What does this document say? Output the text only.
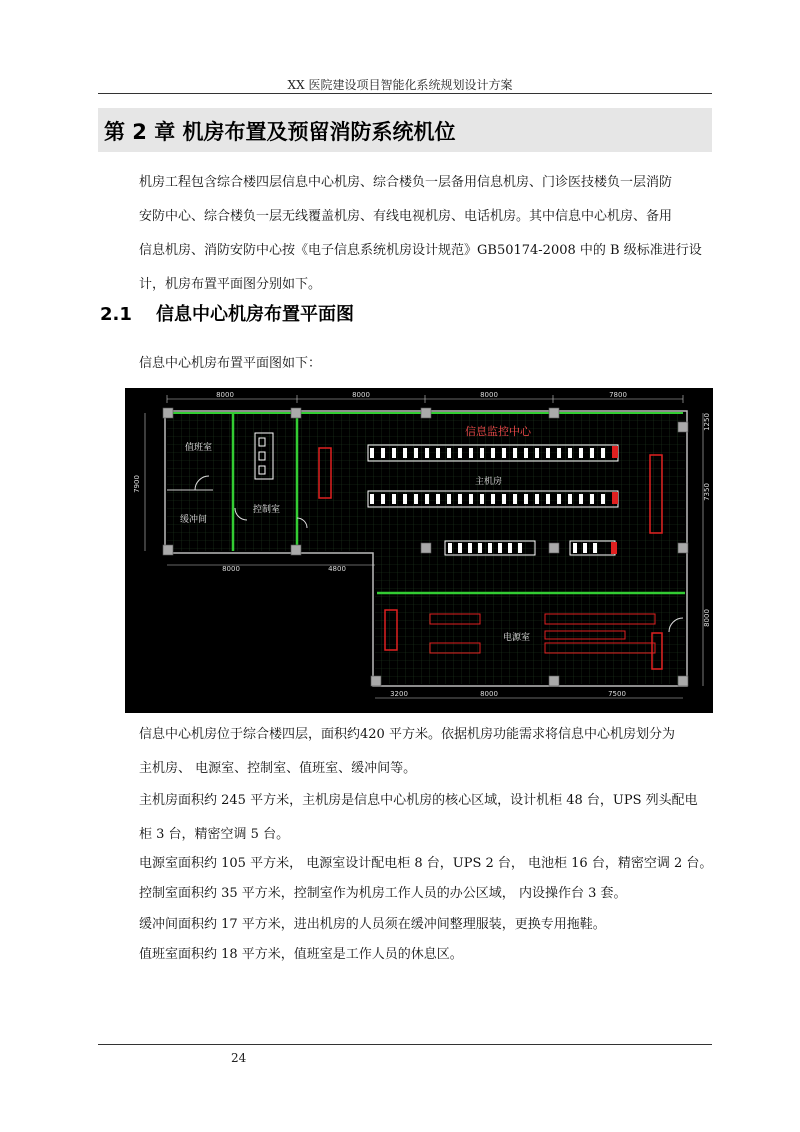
XX 医院建设项目智能化系统规划设计方案
第 2 章 机房布置及预留消防系统机位
机房工程包含综合楼四层信息中心机房、综合楼负一层备用信息机房、门诊医技楼负一层消防
安防中心、综合楼负一层无线覆盖机房、有线电视机房、电话机房。其中信息中心机房、备用
信息机房、消防安防中心按《电子信息系统机房设计规范》GB50174-2008 中的 B 级标准进行设
计，机房布置平面图分别如下。
2.1 信息中心机房布置平面图
信息中心机房布置平面图如下：
8000	8000	8000	7800
7900
1250
7350
8000
8000	4800
3200	8000	7500
值班室
缓冲间
控制室
信息监控中心
主机房
电源室
信息中心机房位于综合楼四层，面积约420 平方米。依据机房功能需求将信息中心机房划分为
主机房、 电源室、控制室、值班室、缓冲间等。
主机房面积约 245 平方米，主机房是信息中心机房的核心区域，设计机柜 48 台，UPS 列头配电
柜 3 台，精密空调 5 台。
电源室面积约 105 平方米， 电源室设计配电柜 8 台，UPS 2 台， 电池柜 16 台，精密空调 2 台。
控制室面积约 35 平方米，控制室作为机房工作人员的办公区域， 内设操作台 3 套。
缓冲间面积约 17 平方米，进出机房的人员须在缓冲间整理服装，更换专用拖鞋。
值班室面积约 18 平方米，值班室是工作人员的休息区。
24
